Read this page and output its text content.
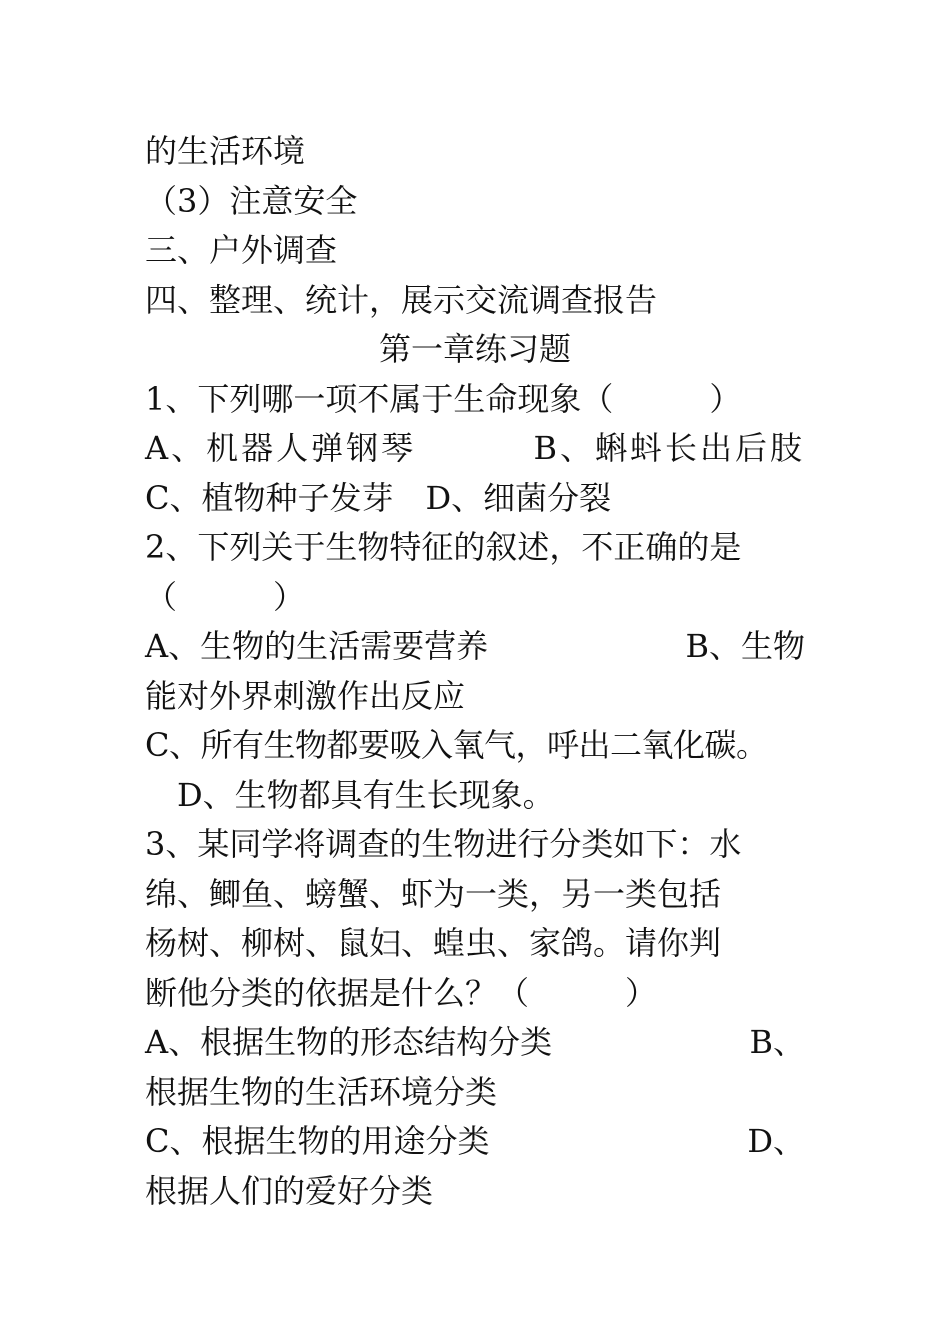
的生活环境
（3）注意安全
三、户外调查
四、整理、统计，展示交流调查报告
第一章练习题
1、下列哪一项不属于生命现象（　　　）
A、机器人弹钢琴	B、蝌蚪长出后肢
C、植物种子发芽　D、细菌分裂
2、下列关于生物特征的叙述，不正确的是
（　　　）
A、生物的生活需要营养	B、生物
能对外界刺激作出反应
C、所有生物都要吸入氧气，呼出二氧化碳。
D、生物都具有生长现象。
3、某同学将调查的生物进行分类如下：水
绵、鲫鱼、螃蟹、虾为一类，另一类包括
杨树、柳树、鼠妇、蝗虫、家鸽。请你判
断他分类的依据是什么？（　　　）
A、根据生物的形态结构分类	B、
根据生物的生活环境分类
C、根据生物的用途分类	D、
根据人们的爱好分类
